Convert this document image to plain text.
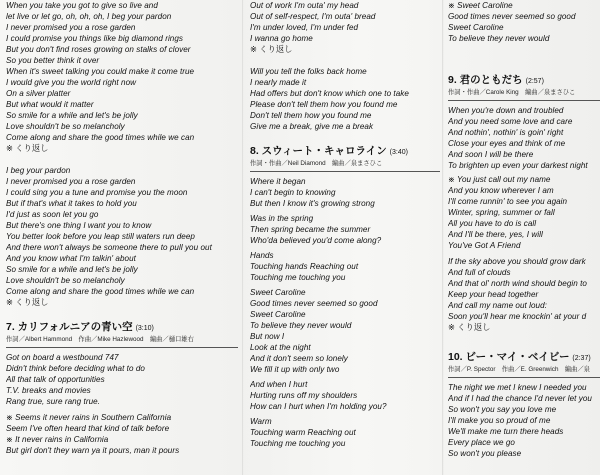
When you take you got to give so live and
let live or let go, oh, oh, oh, I beg your pardon
I never promised you a rose garden
I could promise you things like big diamond rings
But you don't find roses growing on stalks of clover
So you better think it over
When it's sweet talking you could make it come true
I would give you the world right now
On a silver platter
But what would it matter
So smile for a while and let's be jolly
Love shouldn't be so melancholy
Come along and share the good times while we can
※ くり返し
I beg your pardon
I never promised you a rose garden
I could sing you a tune and promise you the moon
But if that's what it takes to hold you
I'd just as soon let you go
But there's one thing I want you to know
You better look before you leap still waters run deep
And there won't always be someone there to pull you out
And you know what I'm talkin' about
So smile for a while and let's be jolly
Love shouldn't be so melancholy
Come along and share the good times while we can
※ くり返し
7. カリフォルニアの青い空 (3:10)
作詞／Albert Hammond　作曲／Mike Hazlewood　編曲／樋口雄右
Got on board a westbound 747
Didn't think before deciding what to do
All that talk of opportunities
T.V. breaks and movies
Rang true, sure rang true.
※ Seems it never rains in Southern California
Seem I've often heard that kind of talk before
※ It never rains in California
But girl don't they warn ya it pours, man it pours
Out of work I'm outa' my head
Out of self-respect, I'm outa' bread
I'm under loved, I'm under fed
I wanna go home
※ くり返し
Will you tell the folks back home
I nearly made it
Had offers but don't know which one to take
Please don't tell them how you found me
Don't tell them how you found me
Give me a break, give me a break
8. スウィート・キャロライン (3:40)
作詞・作曲／Neil Diamond　編曲／泉まさひこ
Where it began
I can't begin to knowing
But then I know it's growing strong
Was in the spring
Then spring became the summer
Who'da believed you'd come along?
Hands
Touching hands Reaching out
Touching me touching you
Sweet Caroline
Good times never seemed so good
Sweet Caroline
To believe they never would
But now I
Look at the night
And it don't seem so lonely
We fill it up with only two
And when I hurt
Hurting runs off my shoulders
How can I hurt when I'm holding you?
Warm
Touching warm Reaching out
Touching me touching you
※ Sweet Caroline
Good times never seemed so good
Sweet Caroline
To believe they never would
9. 君のともだち (2:57)
作詞・作曲／Carole King　編曲／泉まさひこ
When you're down and troubled
And you need some love and care
And nothin', nothin' is goin' right
Close your eyes and think of me
And soon I will be there
To brighten up even your darkest night
※ You just call out my name
And you know wherever I am
I'll come runnin' to see you again
Winter, spring, summer or fall
All you have to do is call
And I'll be there, yes, I will
You've Got A Friend
If the sky above you should grow dark
And full of clouds
And that ol' north wind should begin to
Keep your head together
And call my name out loud:
Soon you'll hear me knockin' at your d
※ くり返し
10. ビー・マイ・ベイビー (2:37)
作詞／P. Spector　作曲／E. Greenwich　編曲／泉
The night we met I knew I needed you
And if I had the chance I'd never let you
So won't you say you love me
I'll make you so proud of me
We'll make me turn there heads
Every place we go
So won't you please
